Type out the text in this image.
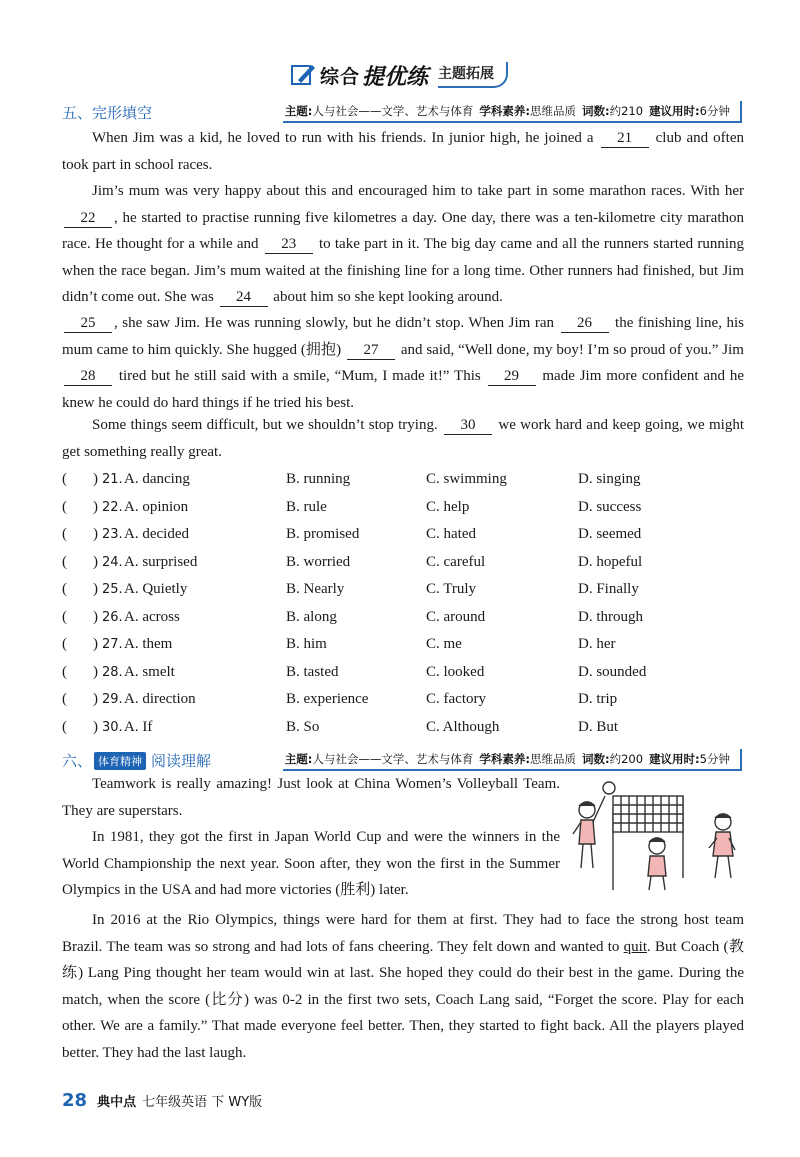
综合 提优练 主题拓展
五、完形填空	主题: 人与社会——文学、艺术与体育 学科素养: 思维品质 词数: 约210 建议用时: 6分钟
When Jim was a kid, he loved to run with his friends. In junior high, he joined a 21 club and often took part in school races.
Jim’s mum was very happy about this and encouraged him to take part in some marathon races. With her 22 , he started to practise running five kilometres a day. One day, there was a ten-kilometre city marathon race. He thought for a while and 23 to take part in it. The big day came and all the runners started running when the race began. Jim’s mum waited at the finishing line for a long time. Other runners had finished, but Jim didn’t come out. She was 24 about him so she kept looking around.
25 , she saw Jim. He was running slowly, but he didn’t stop. When Jim ran 26 the finishing line, his mum came to him quickly. She hugged (拥抱) 27 and said, “Well done, my boy! I’m so proud of you.” Jim 28 tired but he still said with a smile, “Mum, I made it!” This 29 made Jim more confident and he knew he could do hard things if he tried his best.
Some things seem difficult, but we shouldn’t stop trying. 30 we work hard and keep going, we might get something really great.
( ) 21. A. dancing	B. running	C. swimming	D. singing
( ) 22. A. opinion	B. rule	C. help	D. success
( ) 23. A. decided	B. promised	C. hated	D. seemed
( ) 24. A. surprised	B. worried	C. careful	D. hopeful
( ) 25. A. Quietly	B. Nearly	C. Truly	D. Finally
( ) 26. A. across	B. along	C. around	D. through
( ) 27. A. them	B. him	C. me	D. her
( ) 28. A. smelt	B. tasted	C. looked	D. sounded
( ) 29. A. direction	B. experience	C. factory	D. trip
( ) 30. A. If	B. So	C. Although	D. But
六、 体育精神 阅读理解	主题: 人与社会——文学、艺术与体育 学科素养: 思维品质 词数: 约200 建议用时: 5分钟
Teamwork is really amazing! Just look at China Women’s Volleyball Team. They are superstars.
In 1981, they got the first in Japan World Cup and were the winners in the World Championship the next year. Soon after, they won the first in the Summer Olympics in the USA and had more victories (胜利) later.
In 2016 at the Rio Olympics, things were hard for them at first. They had to face the strong host team Brazil. The team was so strong and had lots of fans cheering. They felt down and wanted to quit. But Coach (教练) Lang Ping thought her team would win at last. She hoped they could do their best in the game. During the match, when the score (比分) was 0-2 in the first two sets, Coach Lang said, “Forget the score. Play for each other. We are a family.” That made everyone feel better. Then, they started to fight back. All the players played better. They had the last laugh.
28 典中点 七年级英语 下 WY版
